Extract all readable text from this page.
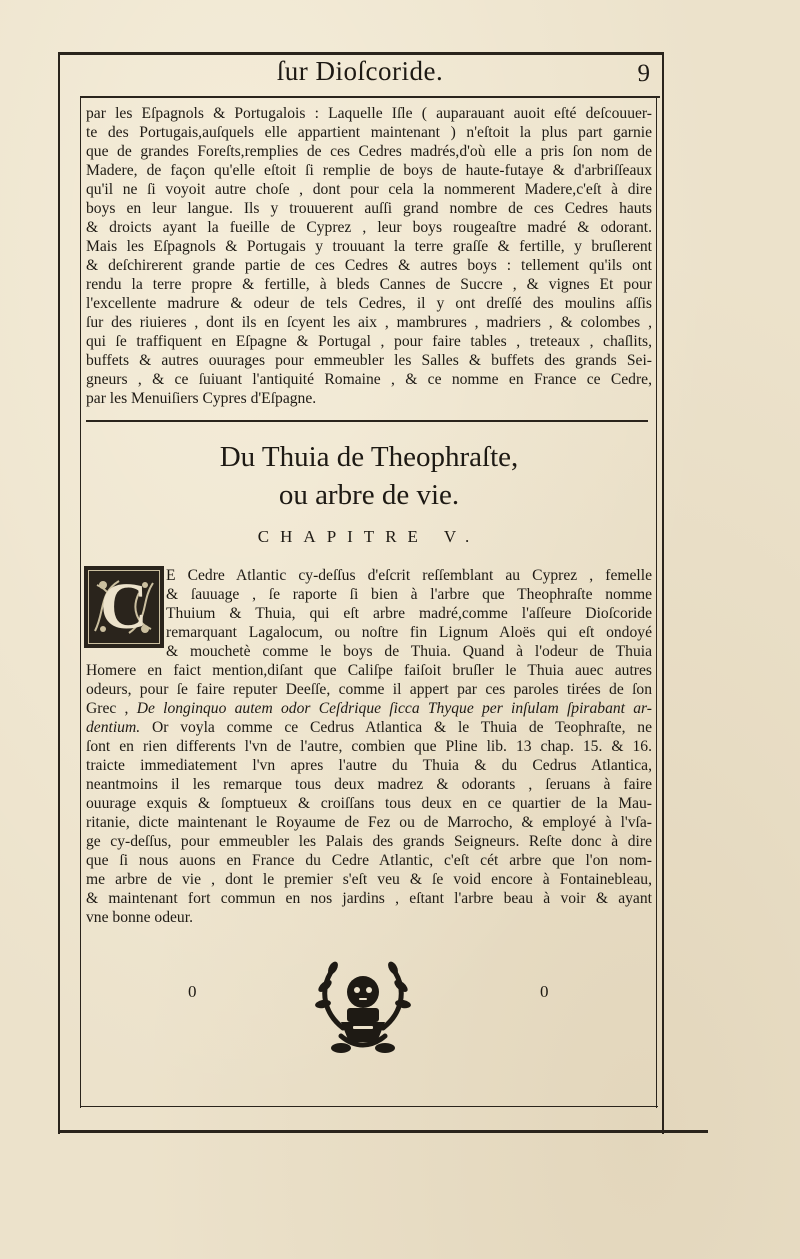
ſur Dioſcoride.	9
par les Eſpagnols & Portugalois : Laquelle Iſle ( auparauant auoit eſté deſcouuer-
te des Portugais,auſquels elle appartient maintenant ) n'eſtoit la plus part garnie
que de grandes Foreſts,remplies de ces Cedres madrés,d'où elle a pris ſon nom de
Madere, de façon qu'elle eſtoit ſi remplie de boys de haute-futaye & d'arbriſſeaux
qu'il ne ſi voyoit autre choſe , dont pour cela la nommerent Madere,c'eſt à dire
boys en leur langue. Ils y trouuerent auſſi grand nombre de ces Cedres hauts
& droicts ayant la fueille de Cyprez , leur boys rougeaſtre madré & odorant.
Mais les Eſpagnols & Portugais y trouuant la terre graſſe & fertille, y bruſlerent
& deſchirerent grande partie de ces Cedres & autres boys : tellement qu'ils ont
rendu la terre propre & fertille, à bleds Cannes de Succre , & vignes Et pour
l'excellente madrure & odeur de tels Cedres, il y ont dreſſé des moulins aſſis
ſur des riuieres , dont ils en ſcyent les aix , mambrures , madriers , & colombes ,
qui ſe traffiquent en Eſpagne & Portugal , pour faire tables , treteaux , chaſlits,
buffets & autres ouurages pour emmeubler les Salles & buffets des grands Sei-
gneurs , & ce ſuiuant l'antiquité Romaine , & ce nomme en France ce Cedre,
par les Menuiſiers Cypres d'Eſpagne.
Du Thuia de Theophraſte,
ou arbre de vie.
CHAPITRE V.
C	E Cedre Atlantic cy-deſſus d'eſcrit reſſemblant au Cyprez , femelle
& ſauuage , ſe raporte ſi bien à l'arbre que Theophraſte nomme
Thuium & Thuia, qui eſt arbre madré,comme l'aſſeure Dioſcoride
remarquant Lagalocum, ou noſtre fin Lignum Aloës qui eſt ondoyé
& mouchetè comme le boys de Thuia. Quand à l'odeur de Thuia
Homere en faict mention,diſant que Caliſpe faiſoit bruſler le Thuia auec autres
odeurs, pour ſe faire reputer Deeſſe, comme il appert par ces paroles tirées de ſon
Grec , De longinquo autem odor Ceſdrique ſicca Thyque per inſulam ſpirabant ar-
dentium. Or voyla comme ce Cedrus Atlantica & le Thuia de Teophraſte, ne
ſont en rien differents l'vn de l'autre, combien que Pline lib. 13 chap. 15. & 16.
traicte immediatement l'vn apres l'autre du Thuia & du Cedrus Atlantica,
neantmoins il les remarque tous deux madrez & odorants , ſeruans à faire
ouurage exquis & ſomptueux & croiſſans tous deux en ce quartier de la Mau-
ritanie, dicte maintenant le Royaume de Fez ou de Marrocho, & employé à l'vſa-
ge cy-deſſus, pour emmeubler les Palais des grands Seigneurs. Reſte donc à dire
que ſi nous auons en France du Cedre Atlantic, c'eſt cét arbre que l'on nom-
me arbre de vie , dont le premier s'eſt veu & ſe void encore à Fontainebleau,
& maintenant fort commun en nos jardins , eſtant l'arbre beau à voir & ayant
vne bonne odeur.
0	0
